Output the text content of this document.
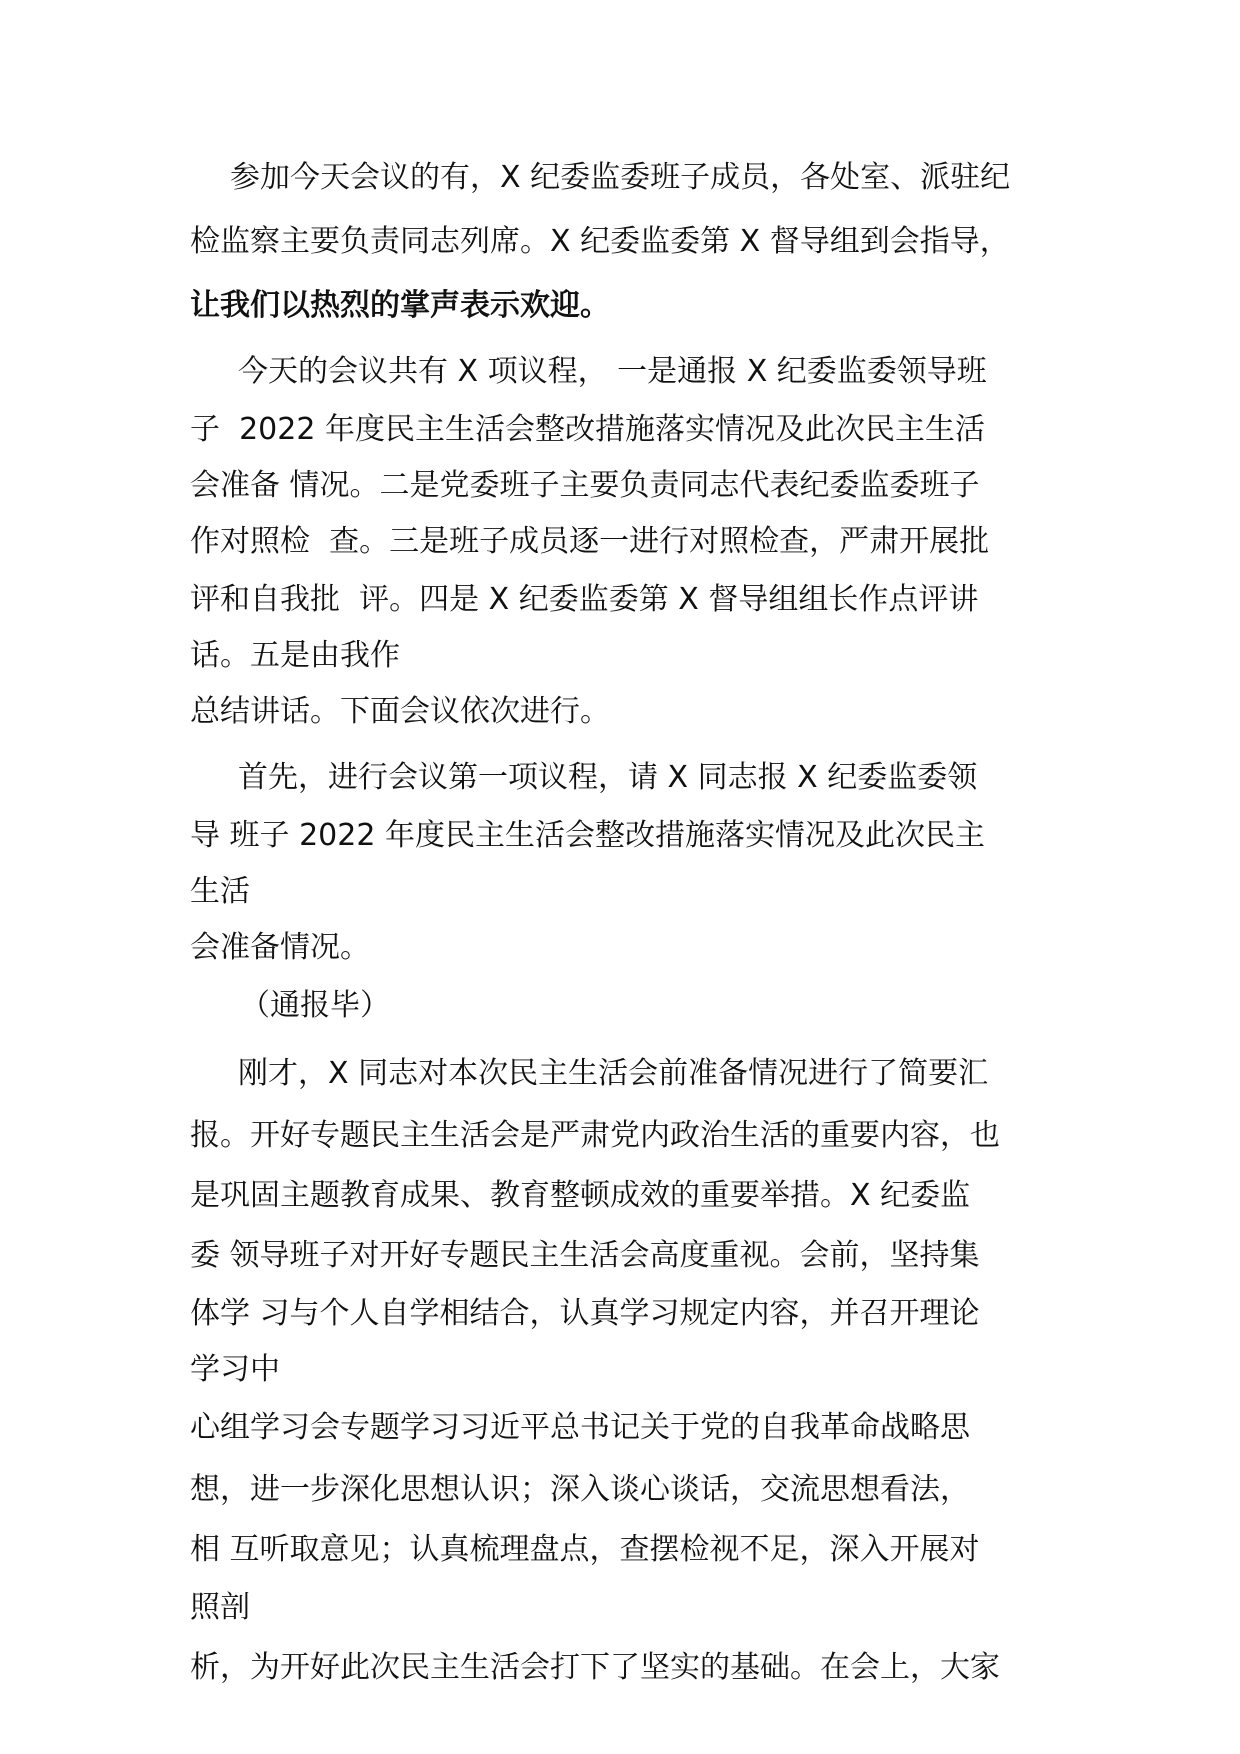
参加今天会议的有，X 纪委监委班子成员，各处室、派驻纪

检监察主要负责同志列席。X 纪委监委第 X 督导组到会指导，

让我们以热烈的掌声表示欢迎。

今天的会议共有 X 项议程， 一是通报 X 纪委监委领导班

子  2022 年度民主生活会整改措施落实情况及此次民主生活

会准备 情况。二是党委班子主要负责同志代表纪委监委班子

作对照检  查。三是班子成员逐一进行对照检查，严肃开展批

评和自我批  评。四是 X 纪委监委第 X 督导组组长作点评讲

话。五是由我作

总结讲话。下面会议依次进行。

首先，进行会议第一项议程，请 X 同志报 X 纪委监委领

导 班子 2022 年度民主生活会整改措施落实情况及此次民主

生活

会准备情况。

（通报毕）

刚才，X 同志对本次民主生活会前准备情况进行了简要汇

报。开好专题民主生活会是严肃党内政治生活的重要内容，也

是巩固主题教育成果、教育整顿成效的重要举措。X 纪委监

委 领导班子对开好专题民主生活会高度重视。会前，坚持集

体学 习与个人自学相结合，认真学习规定内容，并召开理论

学习中

心组学习会专题学习习近平总书记关于党的自我革命战略思

想，进一步深化思想认识；深入谈心谈话，交流思想看法，

相 互听取意见；认真梳理盘点，查摆检视不足，深入开展对

照剖

析，为开好此次民主生活会打下了坚实的基础。在会上，大家
